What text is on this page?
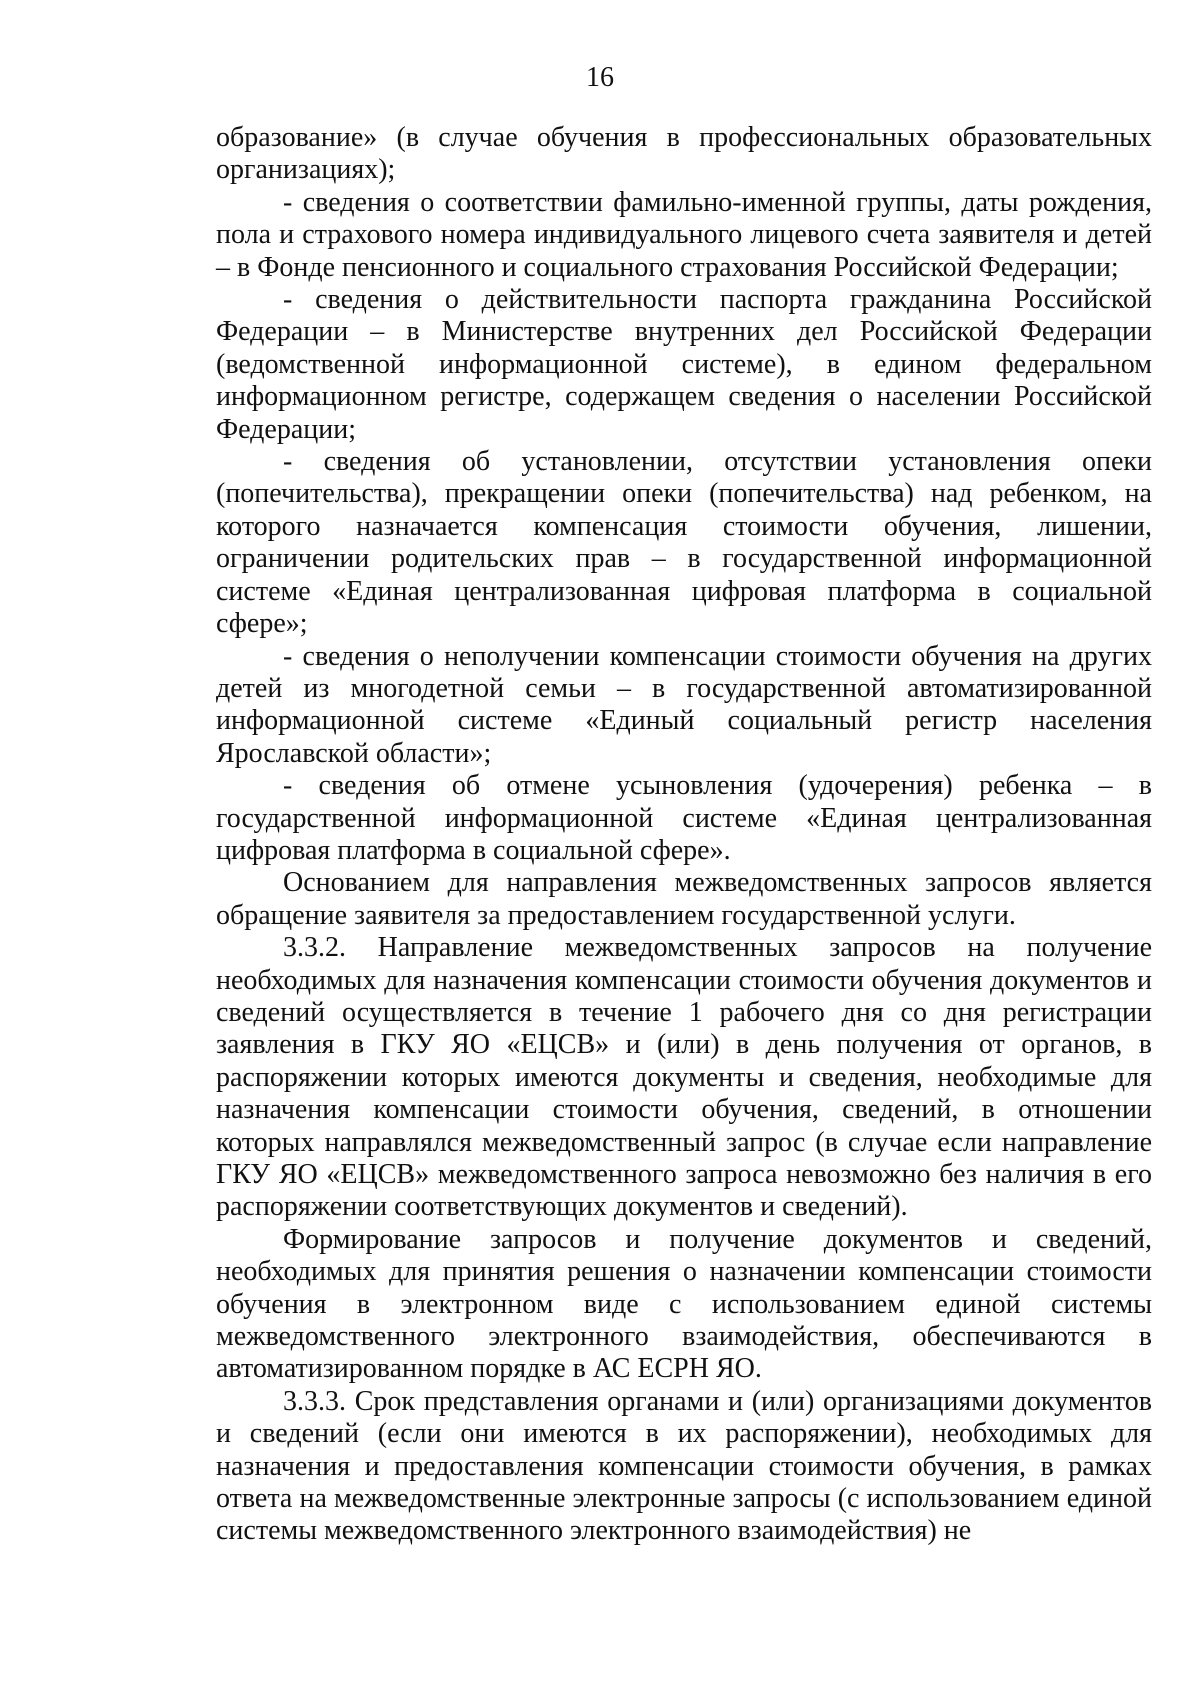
16

образование» (в случае обучения в профессиональных образовательных организациях);

- сведения о соответствии фамильно-именной группы, даты рождения, пола и страхового номера индивидуального лицевого счета заявителя и детей – в Фонде пенсионного и социального страхования Российской Федерации;

- сведения о действительности паспорта гражданина Российской Федерации – в Министерстве внутренних дел Российской Федерации (ведомственной информационной системе), в едином федеральном информационном регистре, содержащем сведения о населении Российской Федерации;

- сведения об установлении, отсутствии установления опеки (попечительства), прекращении опеки (попечительства) над ребенком, на которого назначается компенсация стоимости обучения, лишении, ограничении родительских прав – в государственной информационной системе «Единая централизованная цифровая платформа в социальной сфере»;

- сведения о неполучении компенсации стоимости обучения на других детей из многодетной семьи – в государственной автоматизированной информационной системе «Единый социальный регистр населения Ярославской области»;

- сведения об отмене усыновления (удочерения) ребенка – в государственной информационной системе «Единая централизованная цифровая платформа в социальной сфере».

Основанием для направления межведомственных запросов является обращение заявителя за предоставлением государственной услуги.

3.3.2. Направление межведомственных запросов на получение необходимых для назначения компенсации стоимости обучения документов и сведений осуществляется в течение 1 рабочего дня со дня регистрации заявления в ГКУ ЯО «ЕЦСВ» и (или) в день получения от органов, в распоряжении которых имеются документы и сведения, необходимые для назначения компенсации стоимости обучения, сведений, в отношении которых направлялся межведомственный запрос (в случае если направление ГКУ ЯО «ЕЦСВ» межведомственного запроса невозможно без наличия в его распоряжении соответствующих документов и сведений).

Формирование запросов и получение документов и сведений, необходимых для принятия решения о назначении компенсации стоимости обучения в электронном виде с использованием единой системы межведомственного электронного взаимодействия, обеспечиваются в автоматизированном порядке в АС ЕСРН ЯО.

3.3.3. Срок представления органами и (или) организациями документов и сведений (если они имеются в их распоряжении), необходимых для назначения и предоставления компенсации стоимости обучения, в рамках ответа на межведомственные электронные запросы (с использованием единой системы межведомственного электронного взаимодействия) не
